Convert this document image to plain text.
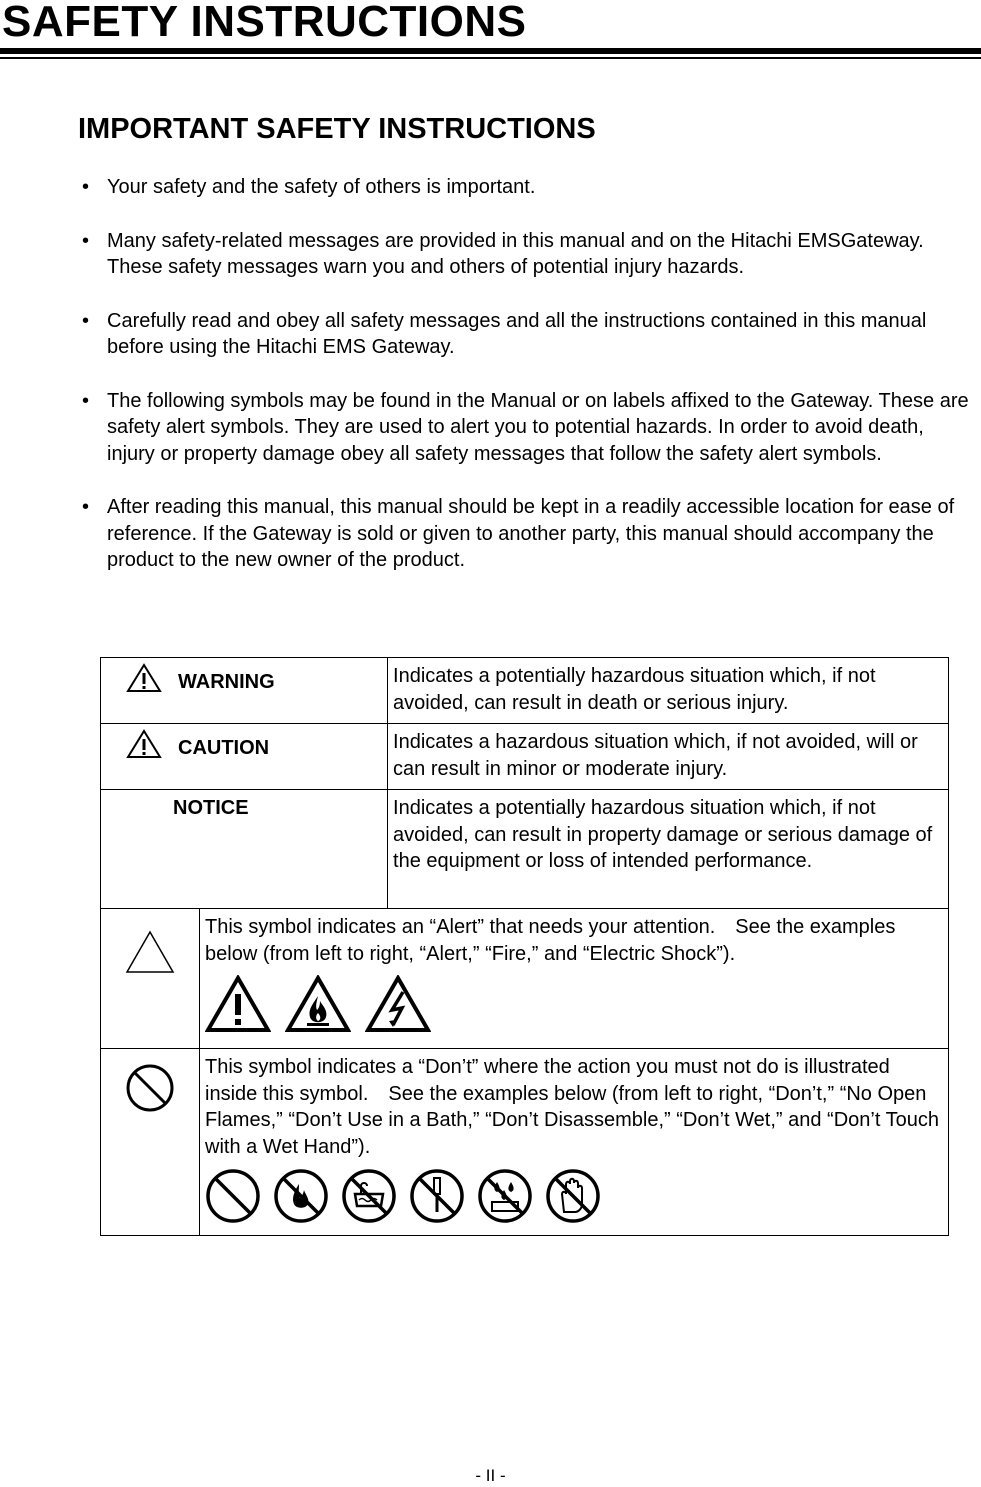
SAFETY INSTRUCTIONS
IMPORTANT SAFETY INSTRUCTIONS
• Your safety and the safety of others is important.
• Many safety-related messages are provided in this manual and on the Hitachi EMSGateway. These safety messages warn you and others of potential injury hazards.
• Carefully read and obey all safety messages and all the instructions contained in this manual before using the Hitachi EMS Gateway.
• The following symbols may be found in the Manual or on labels affixed to the Gateway. These are safety alert symbols. They are used to alert you to potential hazards. In order to avoid death, injury or property damage obey all safety messages that follow the safety alert symbols.
• After reading this manual, this manual should be kept in a readily accessible location for ease of reference. If the Gateway is sold or given to another party, this manual should accompany the product to the new owner of the product.
WARNING		Indicates a potentially hazardous situation which, if not avoided, can result in death or serious injury.
CAUTION		Indicates a hazardous situation which, if not avoided, will or can result in minor or moderate injury.
NOTICE		Indicates a potentially hazardous situation which, if not avoided, can result in property damage or serious damage of the equipment or loss of intended performance.

This symbol indicates an “Alert” that needs your attention.　See the examples below (from left to right, “Alert,” “Fire,” and “Electric Shock”).	

This symbol indicates a “Don’t” where the action you must not do is illustrated inside this symbol.　See the examples below (from left to right, “Don’t,” “No Open Flames,” “Don’t Use in a Bath,” “Don’t Disassemble,” “Don’t Wet,” and “Don’t Touch with a Wet Hand”).	
- II -
